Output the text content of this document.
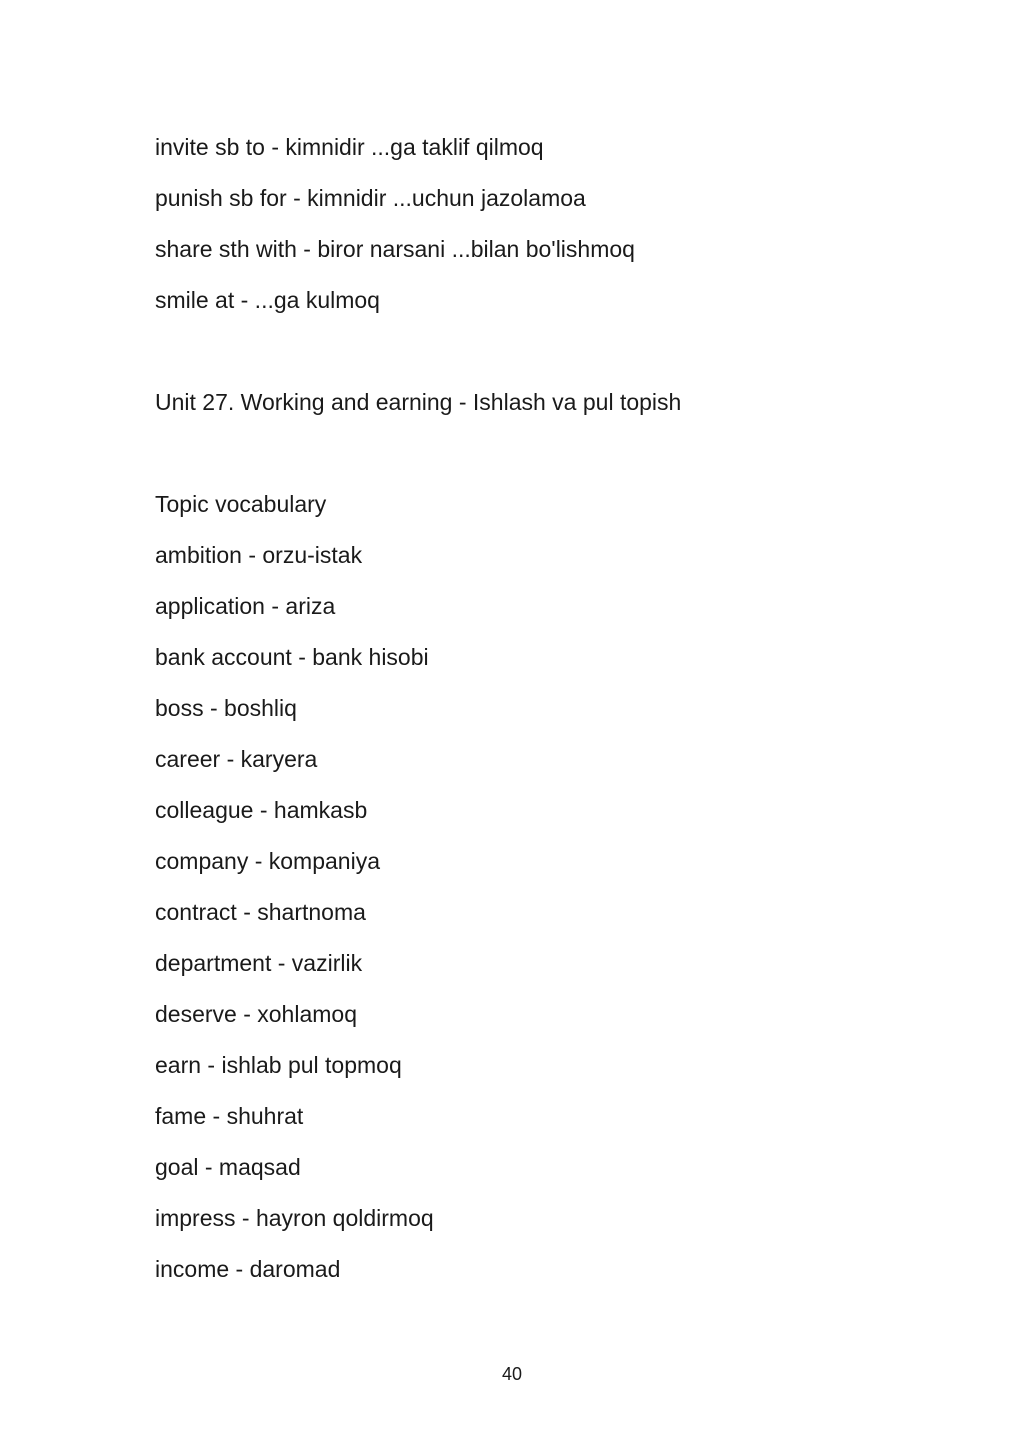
invite sb to - kimnidir ...ga taklif qilmoq
punish sb for - kimnidir ...uchun jazolamoa
share sth with - biror narsani ...bilan bo'lishmoq
smile at - ...ga kulmoq
Unit 27. Working and earning - Ishlash va pul topish
Topic vocabulary
ambition - orzu-istak
application - ariza
bank account - bank hisobi
boss - boshliq
career - karyera
colleague - hamkasb
company - kompaniya
contract - shartnoma
department - vazirlik
deserve - xohlamoq
earn - ishlab pul topmoq
fame - shuhrat
goal - maqsad
impress - hayron qoldirmoq
income - daromad
40
